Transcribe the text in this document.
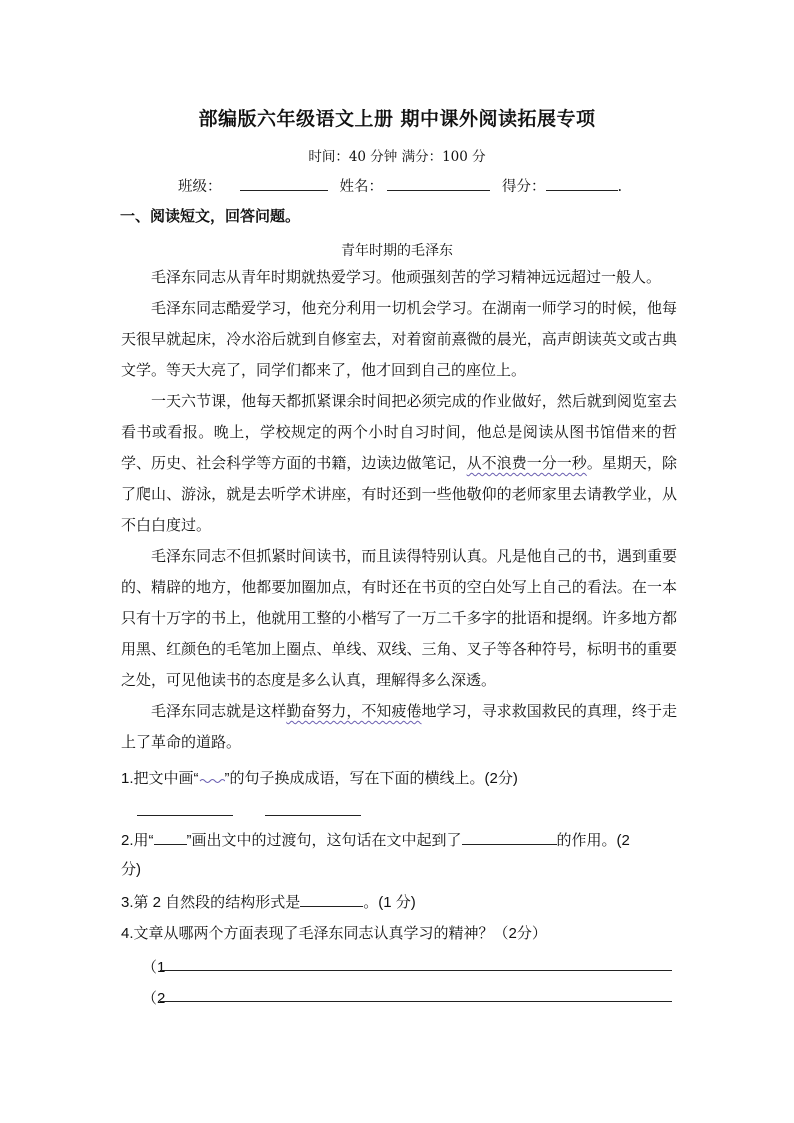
部编版六年级语文上册 期中课外阅读拓展专项
时间：40 分钟 满分：100 分
班级：	姓名：	得分：	.
一、阅读短文，回答问题。
青年时期的毛泽东

毛泽东同志从青年时期就热爱学习。他顽强刻苦的学习精神远远超过一般人。

毛泽东同志酷爱学习，他充分利用一切机会学习。在湖南一师学习的时候，他每天很早就起床，冷水浴后就到自修室去，对着窗前熹微的晨光，高声朗读英文或古典文学。等天大亮了，同学们都来了，他才回到自己的座位上。

一天六节课，他每天都抓紧课余时间把必须完成的作业做好，然后就到阅览室去看书或看报。晚上，学校规定的两个小时自习时间，他总是阅读从图书馆借来的哲学、历史、社会科学等方面的书籍，边读边做笔记，从不浪费一分一秒。星期天，除了爬山、游泳，就是去听学术讲座，有时还到一些他敬仰的老师家里去请教学业，从不白白度过。

毛泽东同志不但抓紧时间读书，而且读得特别认真。凡是他自己的书，遇到重要的、精辟的地方，他都要加圈加点，有时还在书页的空白处写上自己的看法。在一本只有十万字的书上，他就用工整的小楷写了一万二千多字的批语和提纲。许多地方都用黑、红颜色的毛笔加上圈点、单线、双线、三角、叉子等各种符号，标明书的重要之处，可见他读书的态度是多么认真，理解得多么深透。

毛泽东同志就是这样勤奋努力，不知疲倦地学习，寻求救国救民的真理，终于走上了革命的道路。

1.把文中画“ ”的句子换成成语，写在下面的横线上。(2分)
2.用“ ”画出文中的过渡句，这句话在文中起到了	的作用。(2
分)
3.第 2 自然段的结构形式是	。(1 分)
4.文章从哪两个方面表现了毛泽东同志认真学习的精神？（2分）
（1
（2
